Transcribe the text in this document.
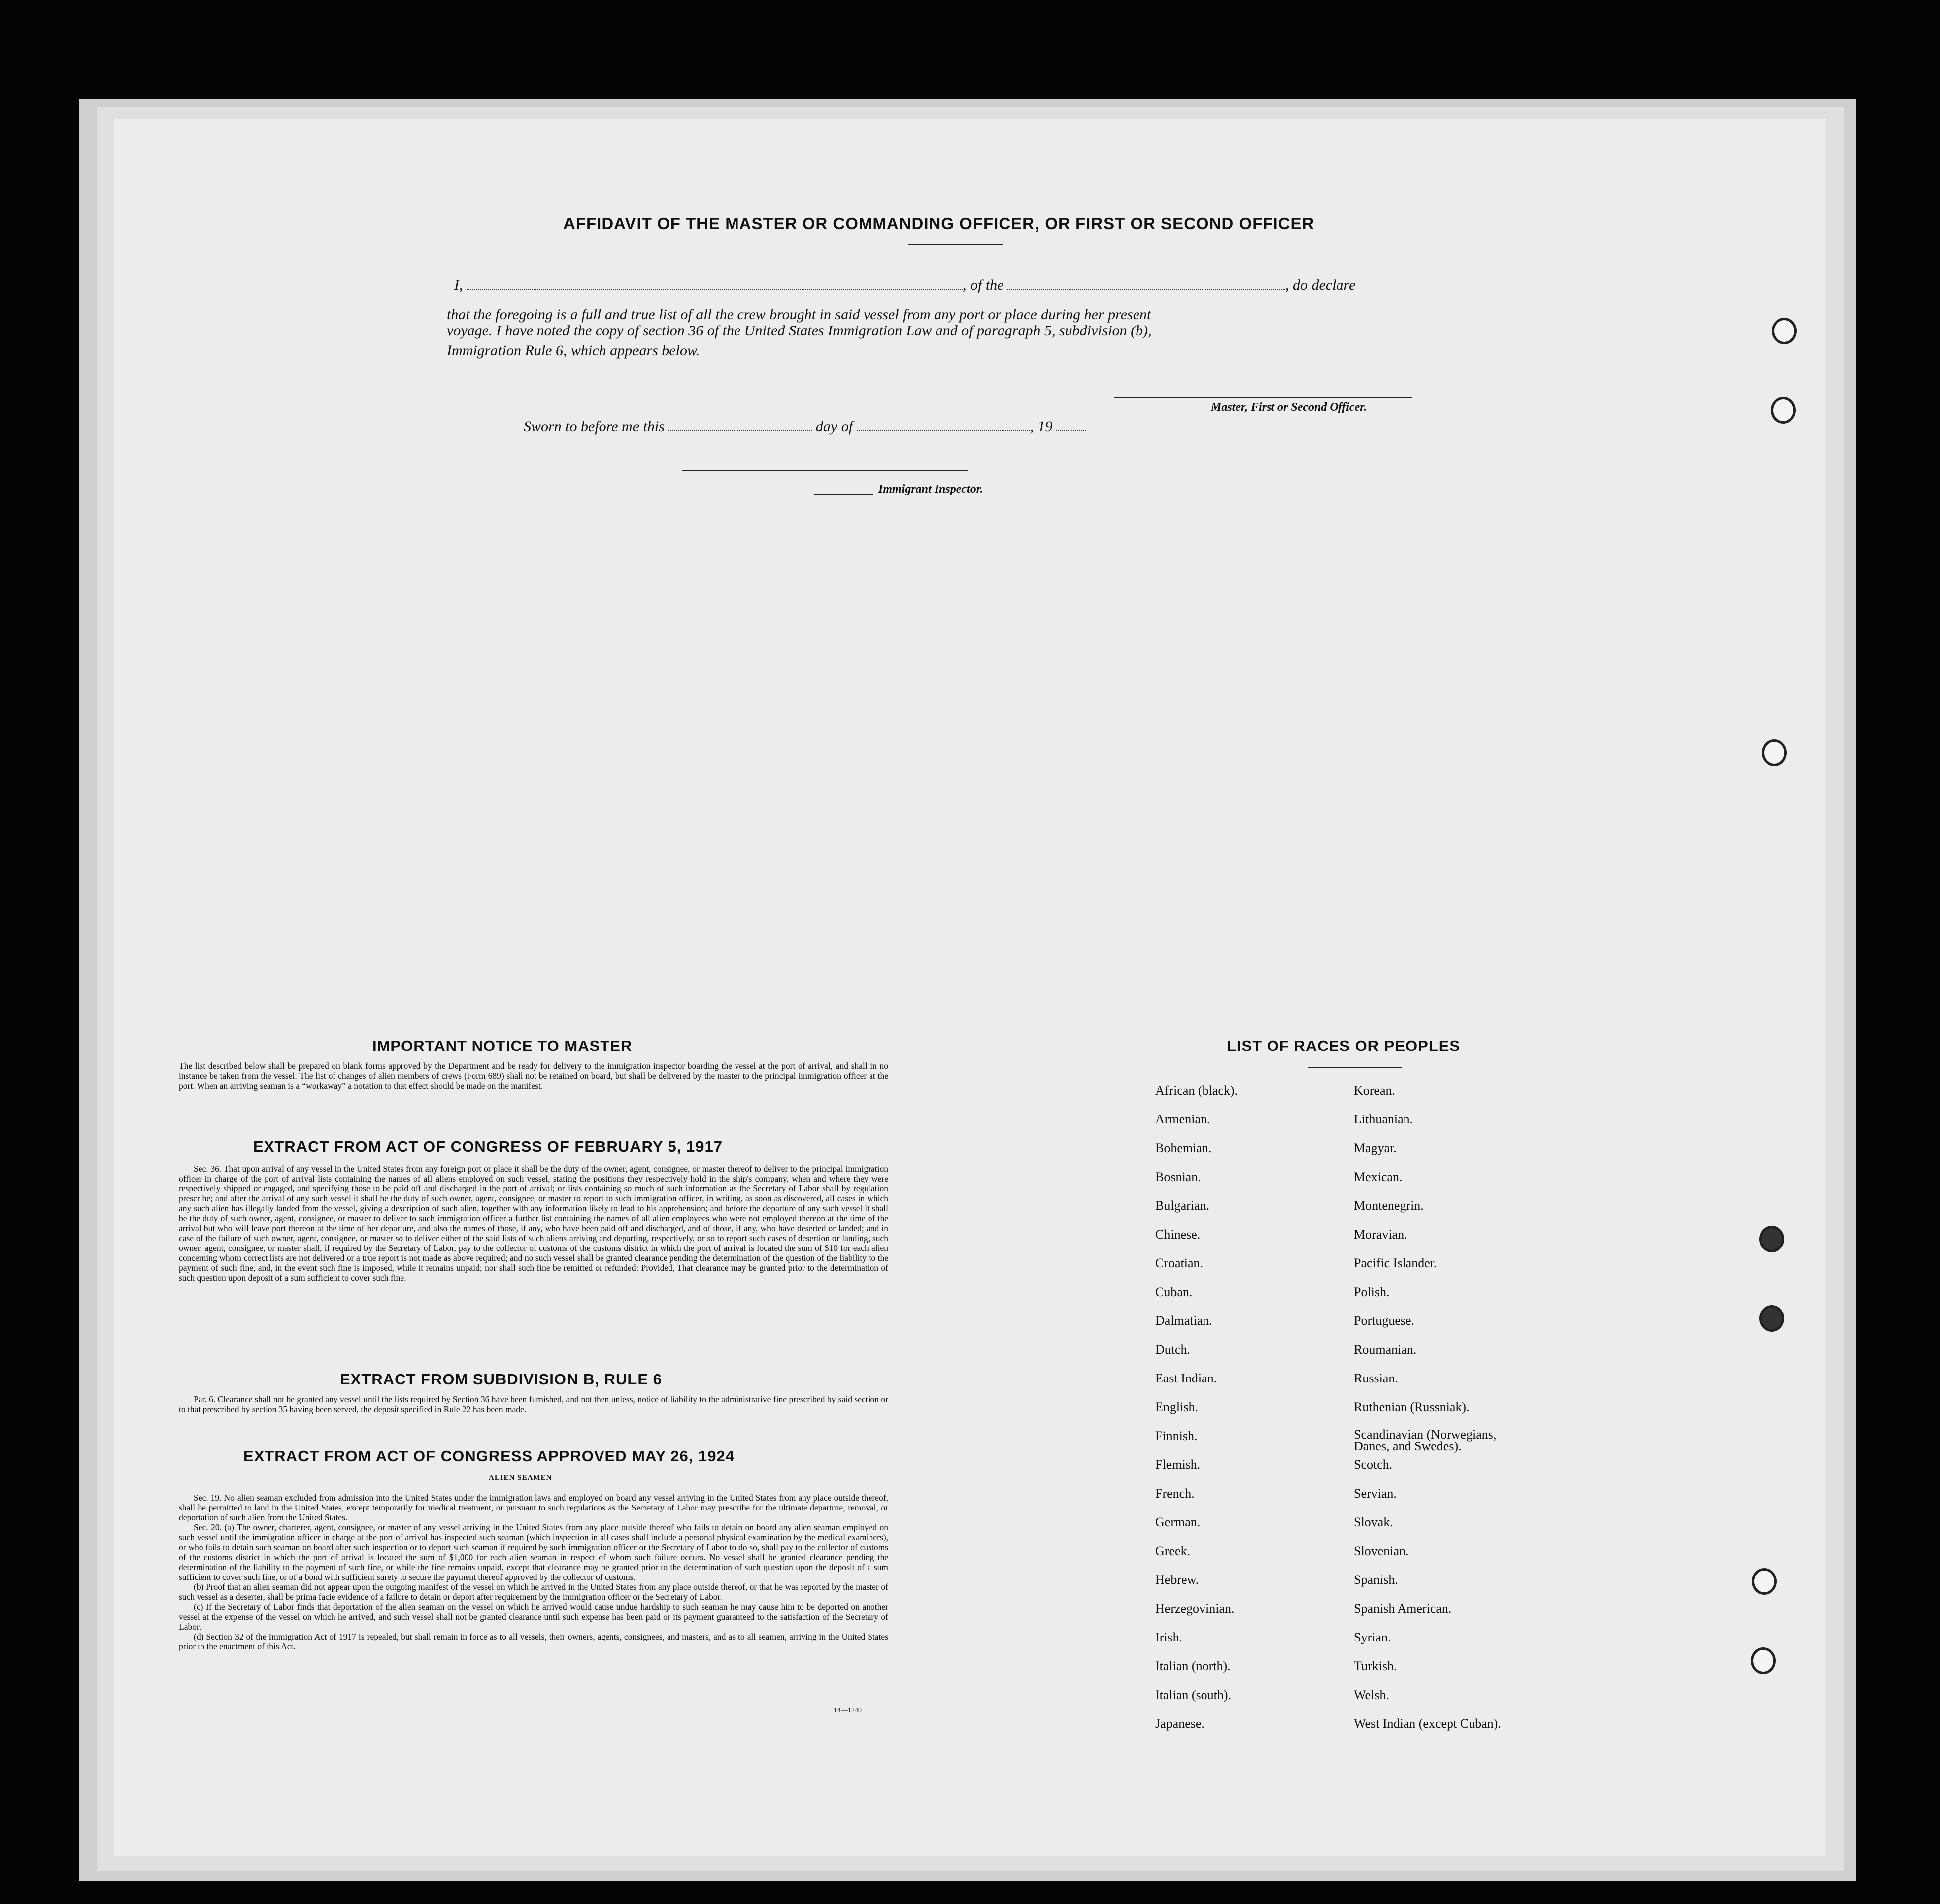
AFFIDAVIT OF THE MASTER OR COMMANDING OFFICER, OR FIRST OR SECOND OFFICER
I,	, of the	, do declare
that the foregoing is a full and true list of all the crew brought in said vessel from any port or place during her present
voyage. I have noted the copy of section 36 of the United States Immigration Law and of paragraph 5, subdivision (b),
Immigration Rule 6, which appears below.
Master, First or Second Officer.
Sworn to before me this	day of	, 19
Immigrant Inspector.
IMPORTANT NOTICE TO MASTER
The list described below shall be prepared on blank forms approved by the Department and be ready for delivery to the immigration inspector boarding the vessel at the port of arrival, and shall in no instance be taken from the vessel. The list of changes of alien members of crews (Form 689) shall not be retained on board, but shall be delivered by the master to the principal immigration officer at the port. When an arriving seaman is a “workaway” a notation to that effect should be made on the manifest.
EXTRACT FROM ACT OF CONGRESS OF FEBRUARY 5, 1917

Sec. 36. That upon arrival of any vessel in the United States from any foreign port or place it shall be the duty of the owner, agent, consignee, or master thereof to deliver to the principal immigration officer in charge of the port of arrival lists containing the names of all aliens employed on such vessel, stating the positions they respectively hold in the ship's company, when and where they were respectively shipped or engaged, and specifying those to be paid off and discharged in the port of arrival; or lists containing so much of such information as the Secretary of Labor shall by regulation prescribe; and after the arrival of any such vessel it shall be the duty of such owner, agent, consignee, or master to report to such immigration officer, in writing, as soon as discovered, all cases in which any such alien has illegally landed from the vessel, giving a description of such alien, together with any information likely to lead to his apprehension; and before the departure of any such vessel it shall be the duty of such owner, agent, consignee, or master to deliver to such immigration officer a further list containing the names of all alien employees who were not employed thereon at the time of the arrival but who will leave port thereon at the time of her departure, and also the names of those, if any, who have been paid off and discharged, and of those, if any, who have deserted or landed; and in case of the failure of such owner, agent, consignee, or master so to deliver either of the said lists of such aliens arriving and departing, respectively, or so to report such cases of desertion or landing, such owner, agent, consignee, or master shall, if required by the Secretary of Labor, pay to the collector of customs of the customs district in which the port of arrival is located the sum of $10 for each alien concerning whom correct lists are not delivered or a true report is not made as above required; and no such vessel shall be granted clearance pending the determination of the question of the liability to the payment of such fine, and, in the event such fine is imposed, while it remains unpaid; nor shall such fine be remitted or refunded: Provided, That clearance may be granted prior to the determination of such question upon deposit of a sum sufficient to cover such fine.

EXTRACT FROM SUBDIVISION B, RULE 6

Par. 6. Clearance shall not be granted any vessel until the lists required by Section 36 have been furnished, and not then unless, notice of liability to the administrative fine prescribed by said section or to that prescribed by section 35 having been served, the deposit specified in Rule 22 has been made.

EXTRACT FROM ACT OF CONGRESS APPROVED MAY 26, 1924
ALIEN SEAMEN

Sec. 19. No alien seaman excluded from admission into the United States under the immigration laws and employed on board any vessel arriving in the United States from any place outside thereof, shall be permitted to land in the United States, except temporarily for medical treatment, or pursuant to such regulations as the Secretary of Labor may prescribe for the ultimate departure, removal, or deportation of such alien from the United States.

Sec. 20. (a) The owner, charterer, agent, consignee, or master of any vessel arriving in the United States from any place outside thereof who fails to detain on board any alien seaman employed on such vessel until the immigration officer in charge at the port of arrival has inspected such seaman (which inspection in all cases shall include a personal physical examination by the medical examiners), or who fails to detain such seaman on board after such inspection or to deport such seaman if required by such immigration officer or the Secretary of Labor to do so, shall pay to the collector of customs of the customs district in which the port of arrival is located the sum of $1,000 for each alien seaman in respect of whom such failure occurs. No vessel shall be granted clearance pending the determination of the liability to the payment of such fine, or while the fine remains unpaid, except that clearance may be granted prior to the determination of such question upon the deposit of a sum sufficient to cover such fine, or of a bond with sufficient surety to secure the payment thereof approved by the collector of customs.

(b) Proof that an alien seaman did not appear upon the outgoing manifest of the vessel on which he arrived in the United States from any place outside thereof, or that he was reported by the master of such vessel as a deserter, shall be prima facie evidence of a failure to detain or deport after requirement by the immigration officer or the Secretary of Labor.

(c) If the Secretary of Labor finds that deportation of the alien seaman on the vessel on which he arrived would cause undue hardship to such seaman he may cause him to be deported on another vessel at the expense of the vessel on which he arrived, and such vessel shall not be granted clearance until such expense has been paid or its payment guaranteed to the satisfaction of the Secretary of Labor.

(d) Section 32 of the Immigration Act of 1917 is repealed, but shall remain in force as to all vessels, their owners, agents, consignees, and masters, and as to all seamen, arriving in the United States prior to the enactment of this Act.

14—1240
LIST OF RACES OR PEOPLES
African (black).
Armenian.
Bohemian.
Bosnian.
Bulgarian.
Chinese.
Croatian.
Cuban.
Dalmatian.
Dutch.
East Indian.
English.
Finnish.
Flemish.
French.
German.
Greek.
Hebrew.
Herzegovinian.
Irish.
Italian (north).
Italian (south).
Japanese.
Korean.
Lithuanian.
Magyar.
Mexican.
Montenegrin.
Moravian.
Pacific Islander.
Polish.
Portuguese.
Roumanian.
Russian.
Ruthenian (Russniak).
Scandinavian (Norwegians, Danes, and Swedes).
Scotch.
Servian.
Slovak.
Slovenian.
Spanish.
Spanish American.
Syrian.
Turkish.
Welsh.
West Indian (except Cuban).
